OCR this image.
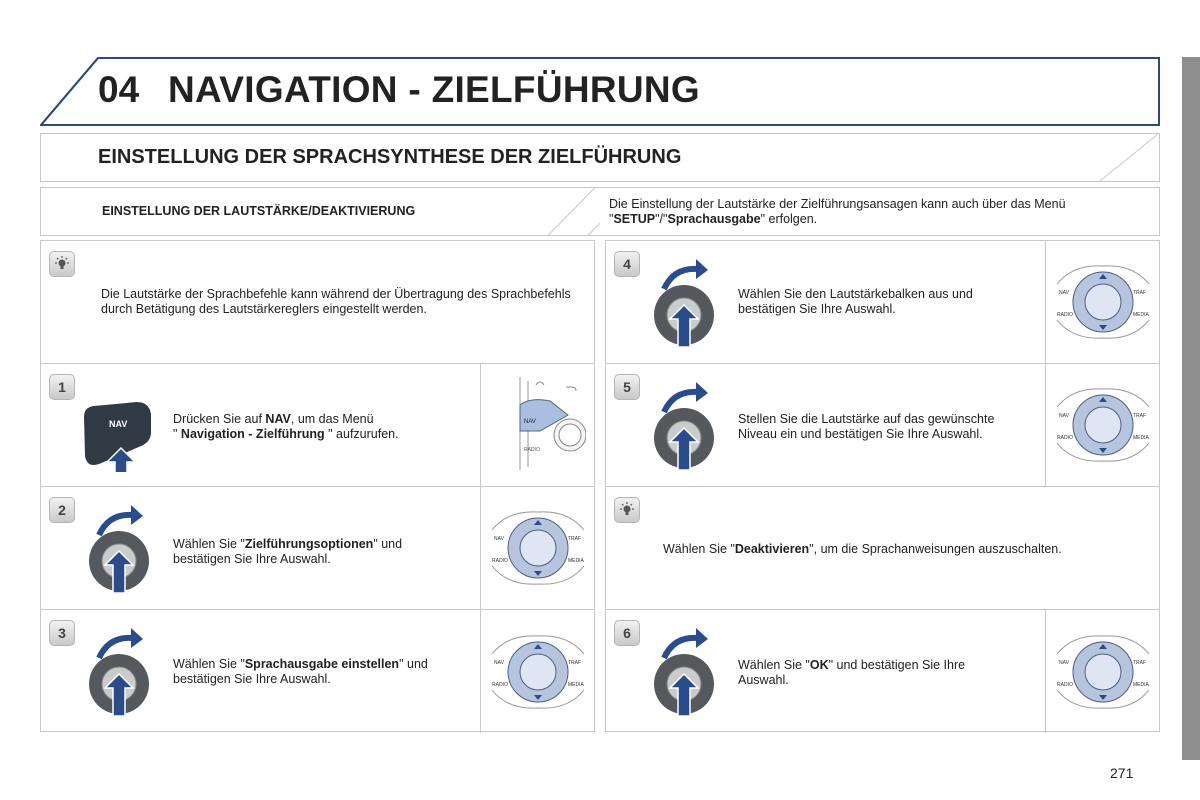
04 NAVIGATION - ZIELFÜHRUNG
EINSTELLUNG DER SPRACHSYNTHESE DER ZIELFÜHRUNG
EINSTELLUNG DER LAUTSTÄRKE/DEAKTIVIERUNG	Die Einstellung der Lautstärke der Zielführungsansagen kann auch über das Menü "SETUP"/"Sprachausgabe" erfolgen.
Die Lautstärke der Sprachbefehle kann während der Übertragung des Sprachbefehls durch Betätigung des Lautstärkereglers eingestellt werden.
1
NAV	Drücken Sie auf NAV, um das Menü
" Navigation - Zielführung " aufzurufen.
NAV
RADIO
2
Wählen Sie "Zielführungsoptionen" und
bestätigen Sie Ihre Auswahl.
NAV	TRAF
RADIO	MEDIA
3
Wählen Sie "Sprachausgabe einstellen" und
bestätigen Sie Ihre Auswahl.
NAV	TRAF
RADIO	MEDIA
4
Wählen Sie den Lautstärkebalken aus und
bestätigen Sie Ihre Auswahl.
NAV	TRAF
RADIO	MEDIA
5
Stellen Sie die Lautstärke auf das gewünschte
Niveau ein und bestätigen Sie Ihre Auswahl.
NAV	TRAF
RADIO	MEDIA
Wählen Sie "Deaktivieren", um die Sprachanweisungen auszuschalten.
6
Wählen Sie "OK" und bestätigen Sie Ihre
Auswahl.
NAV	TRAF
RADIO	MEDIA
271
